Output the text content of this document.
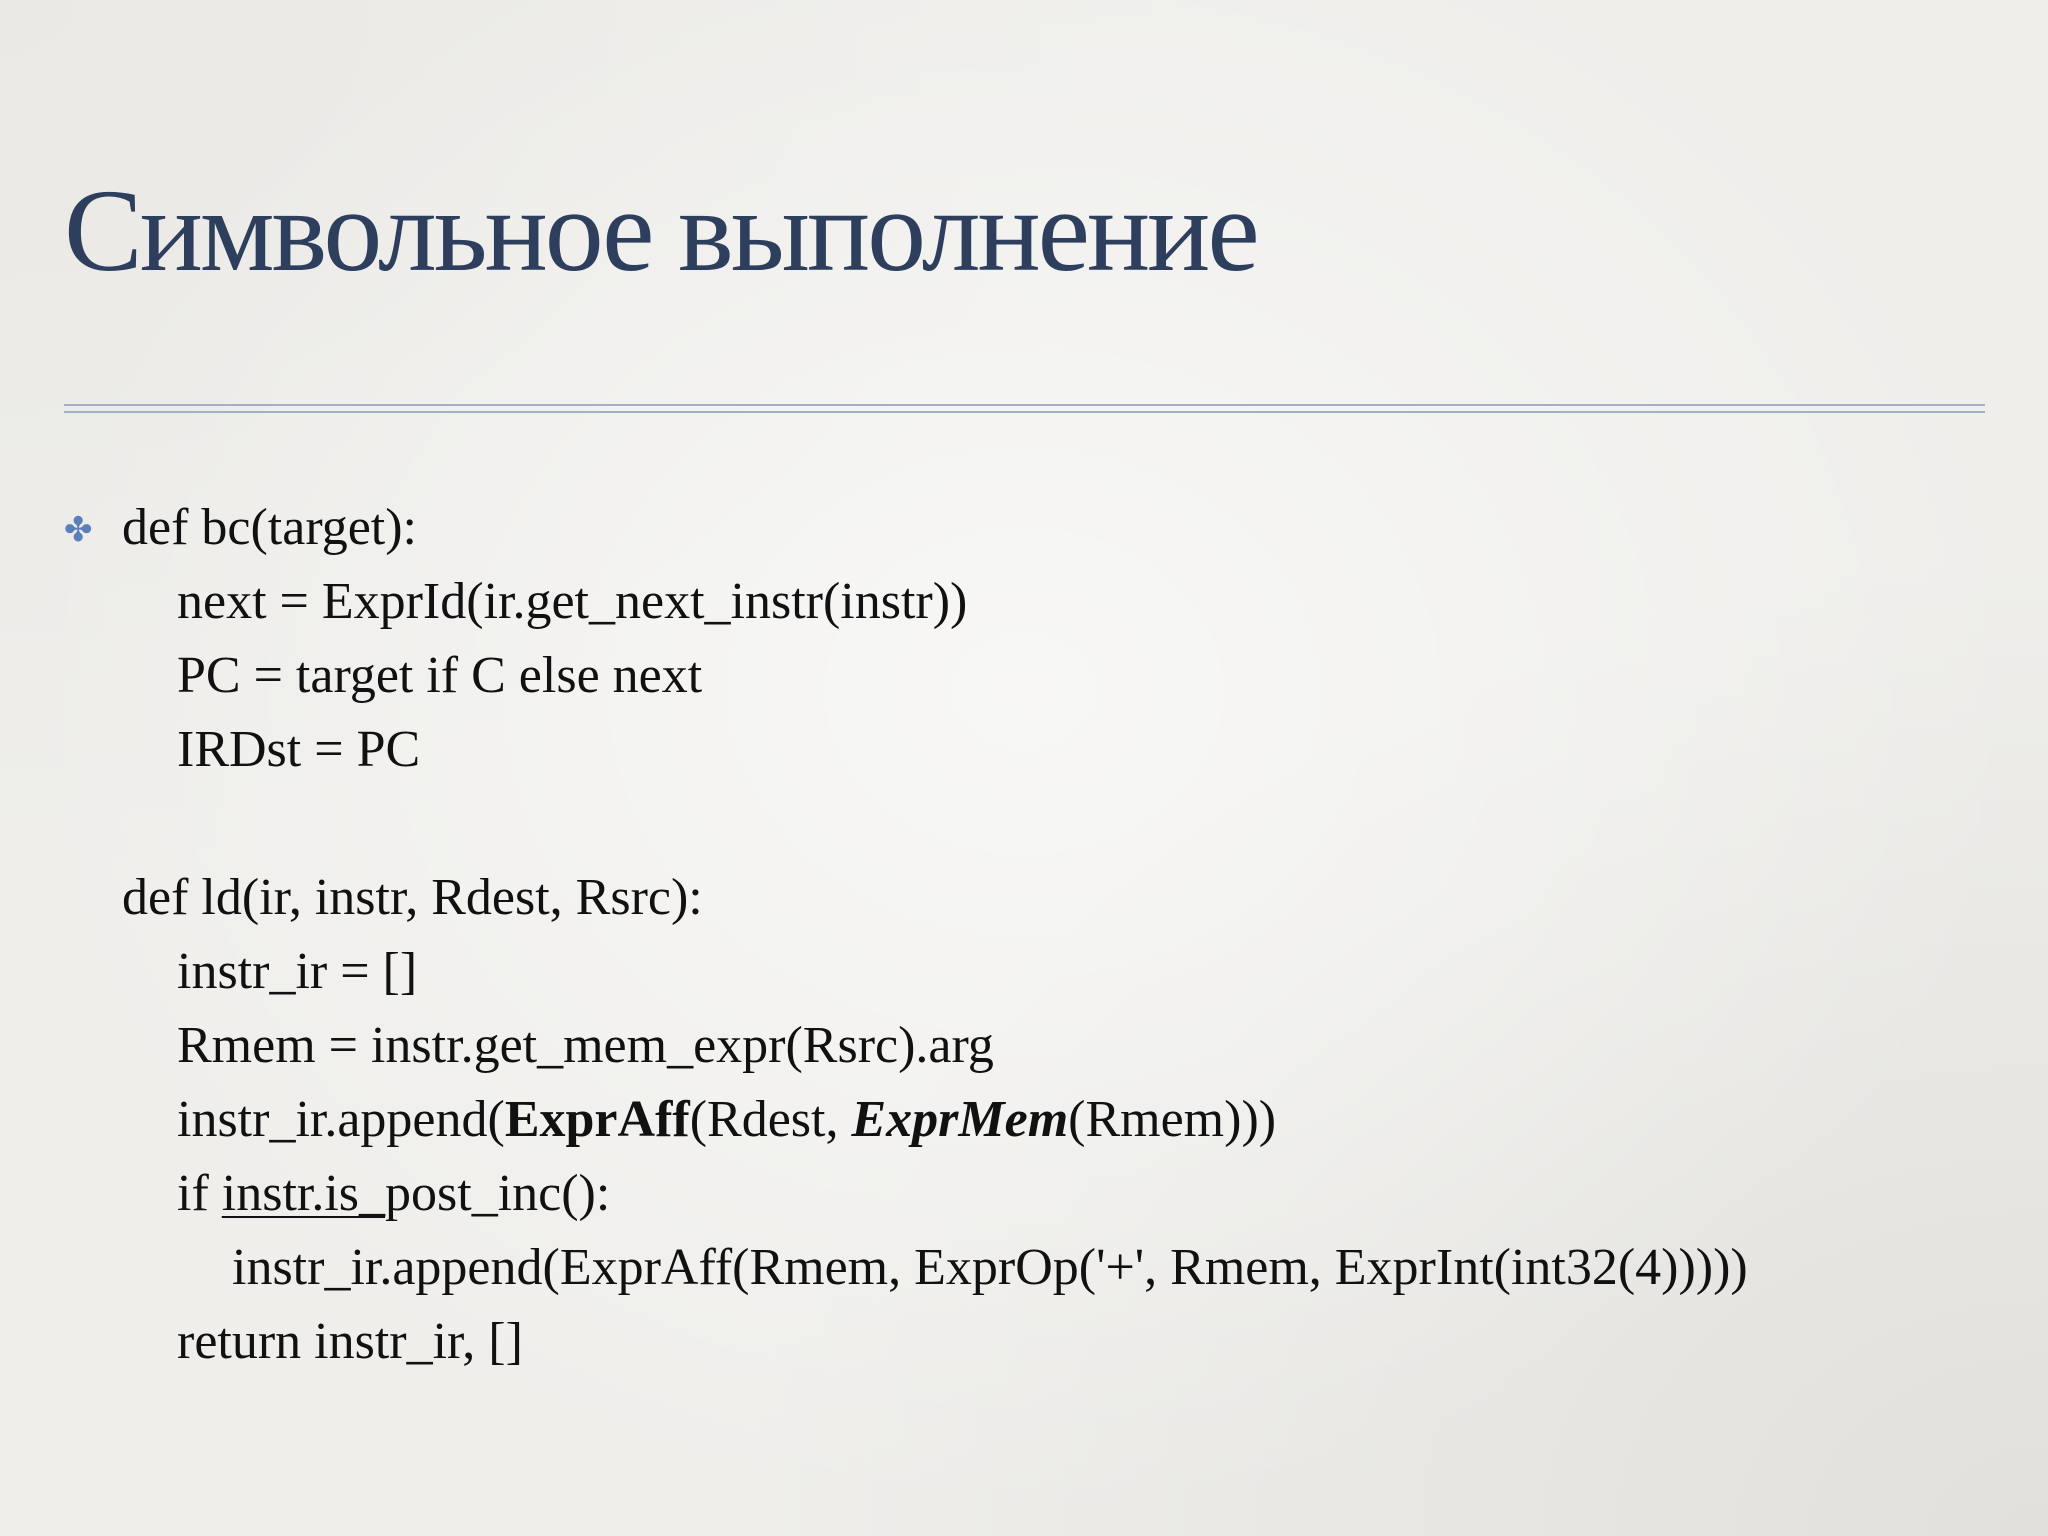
Символьное выполнение
✤ def bc(target):
next = ExprId(ir.get_next_instr(instr))
PC = target if C else next
IRDst = PC
def ld(ir, instr, Rdest, Rsrc):
instr_ir = []
Rmem = instr.get_mem_expr(Rsrc).arg
instr_ir.append(ExprAff(Rdest, ExprMem(Rmem)))
if instr.is_post_inc():
instr_ir.append(ExprAff(Rmem, ExprOp('+', Rmem, ExprInt(int32(4)))))
return instr_ir, []
